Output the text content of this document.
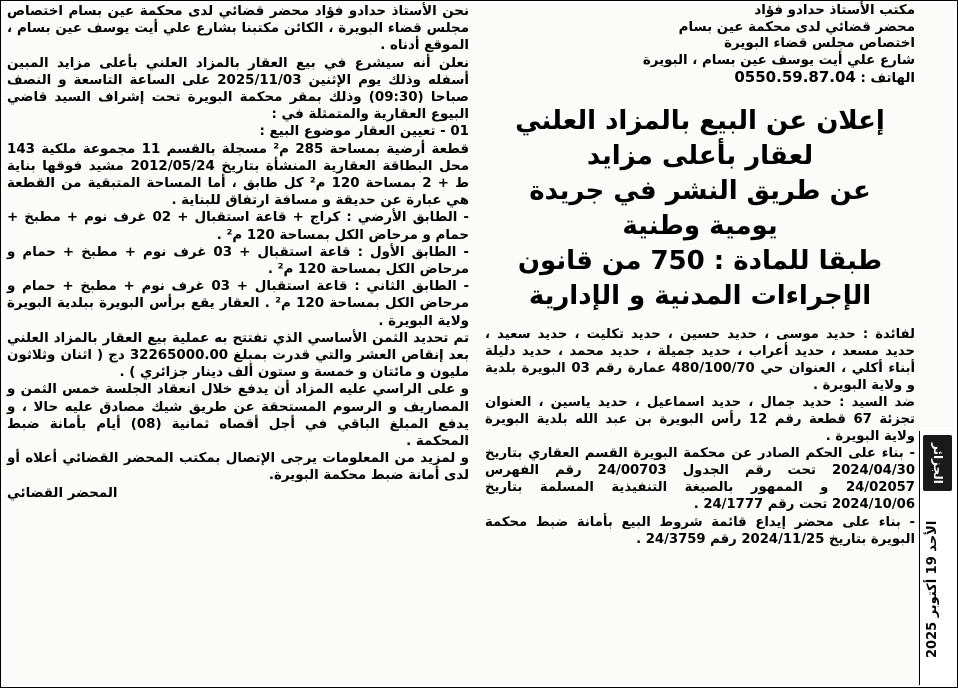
نحن الأستاذ حدادو فؤاد محضر قضائي لدى محكمة عين بسام اختصاص مجلس قضاء البويرة ، الكائن مكتبنا بشارع علي أيت يوسف عين بسام ، الموقع أدناه .

نعلن أنه سيشرع في بيع العقار بالمزاد العلني بأعلى مزايد المبين أسفله وذلك يوم الإثنين 2025/11/03 على الساعة التاسعة و النصف صباحا (09:30) وذلك بمقر محكمة البويرة تحت إشراف السيد قاضي البيوع العقارية والمتمثلة في :

01 - تعيين العقار موضوع البيع :

قطعة أرضية بمساحة 285 م² مسجلة بالقسم 11 مجموعة ملكية 143 محل البطاقة العقارية المنشأة بتاريخ 2012/05/24 مشيد فوقها بناية ط + 2 بمساحة 120 م² كل طابق ، أما المساحة المتبقية من القطعة هي عبارة عن حديقة و مسافة ارتفاق للبناية .

- الطابق الأرضي : كراج + قاعة استقبال + 02 غرف نوم + مطبخ + حمام و مرحاض الكل بمساحة 120 م² .

- الطابق الأول : قاعة استقبال + 03 غرف نوم + مطبخ + حمام و مرحاض الكل بمساحة 120 م² .

- الطابق الثاني : قاعة استقبال + 03 غرف نوم + مطبخ + حمام و مرحاض الكل بمساحة 120 م² . العقار يقع برأس البويرة ببلدية البويرة ولاية البويرة .

تم تحديد الثمن الأساسي الذي تفتتح به عملية بيع العقار بالمزاد العلني بعد إنقاص العشر والتي قدرت بمبلغ 32265000.00 دج ( اثنان وثلاثون مليون و مائتان و خمسة و ستون ألف دينار جزائري ) .

و على الراسي عليه المزاد أن يدفع خلال انعقاد الجلسة خمس الثمن و المصاريف و الرسوم المستحقة عن طريق شيك مصادق عليه حالا ، و يدفع المبلغ الباقي في أجل أقصاه ثمانية (08) أيام بأمانة ضبط المحكمة .

و لمزيد من المعلومات يرجى الإتصال بمكتب المحضر القضائي أعلاه أو لدى أمانة ضبط محكمة البويرة.

المحضر القضائي

مكتب الأستاذ حدادو فؤاد
محضر قضائي لدى محكمة عين بسام
اختصاص مجلس قضاء البويرة
شارع علي أيت يوسف عين بسام ، البويرة
الهاتف : 0550.59.87.04
إعلان عن البيع بالمزاد العلني
لعقار بأعلى مزايد
عن طريق النشر في جريدة
يومية وطنية
طبقا للمادة : 750 من قانون
الإجراءات المدنية و الإدارية

لفائدة : حديد موسى ، حديد حسين ، حديد تكليت ، حديد سعيد ، حديد مسعد ، حديد أعراب ، حديد جميلة ، حديد محمد ، حديد دليلة أبناء أكلي ، العنوان حي 480/100/70 عمارة رقم 03 البويرة بلدية و ولاية البويرة .

ضد السيد : حديد جمال ، حديد اسماعيل ، حديد ياسين ، العنوان تجزئة 67 قطعة رقم 12 رأس البويرة بن عبد الله بلدية البويرة ولاية البويرة .

- بناء على الحكم الصادر عن محكمة البويرة القسم العقاري بتاريخ 2024/04/30 تحت رقم الجدول 24/00703 رقم الفهرس 24/02057 و الممهور بالصيغة التنفيذية المسلمة بتاريخ 2024/10/06 تحت رقم 24/1777 .

- بناء على محضر إيداع قائمة شروط البيع بأمانة ضبط محكمة البويرة بتاريخ 2024/11/25 رقم 24/3759 .

الجزائر
الأحد 19 أكتوبر 2025
